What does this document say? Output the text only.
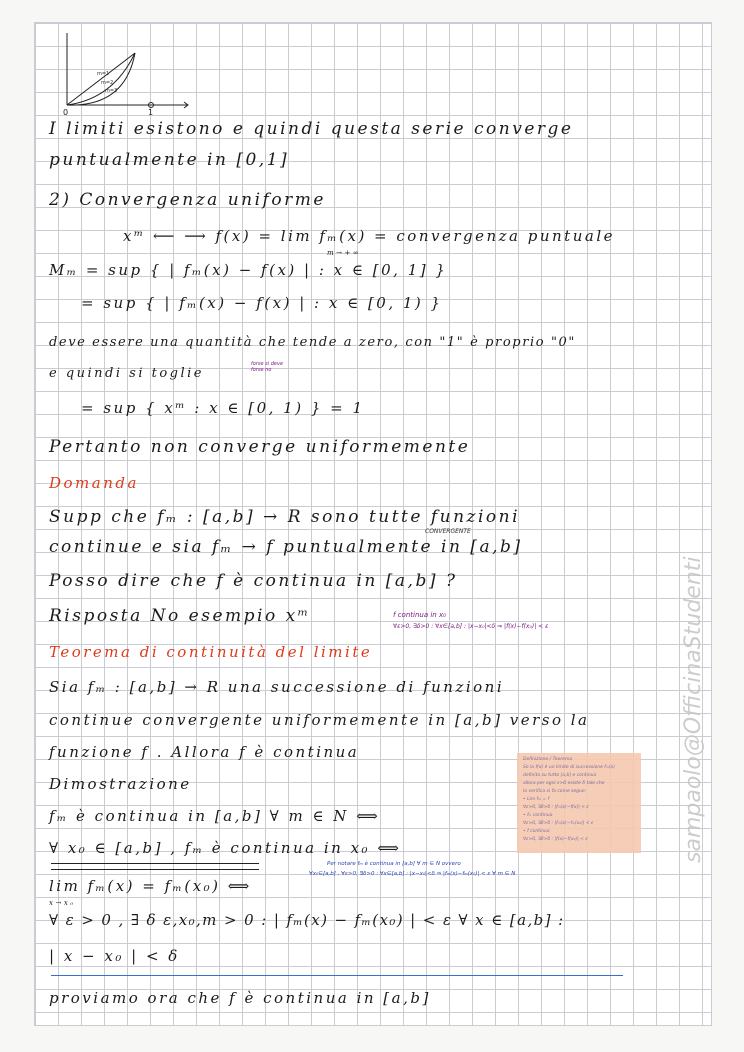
0	1
m=1
m=2
m=3
I limiti esistono e quindi questa serie converge
puntualmente in [0,1]
2) Convergenza uniforme
xᵐ ⟵ ⟶ f(x) = lim fₘ(x) = convergenza puntuale
m→+∞
Mₘ = sup { | fₘ(x) − f(x) | : x ∈ [0, 1] }
= sup { | fₘ(x) − f(x) | : x ∈ [0, 1) }
deve essere una quantità che tende a zero, con "1" è proprio "0"
e quindi si toglie
forse si deve
forse no
= sup { xᵐ : x ∈ [0, 1) } = 1
Pertanto non converge uniformemente
Domanda
Supp che fₘ : [a,b] → R sono tutte funzioni
CONVERGENTE
continue e sia fₘ → f puntualmente in [a,b]
Posso dire che f è continua in [a,b] ?
Risposta No esempio xᵐ	f continua in x₀
∀ε>0, ∃δ>0 : ∀x∈[a,b] : |x−x₀|<δ ⇒ |f(x)−f(x₀)| < ε
Teorema di continuità del limite
Sia fₘ : [a,b] → R una successione di funzioni
continue convergente uniformemente in [a,b] verso la
funzione f . Allora f è continua
Dimostrazione
fₘ è continua in [a,b] ∀ m ∈ N ⟺
∀ x₀ ∈ [a,b] , fₘ è continua in x₀ ⟺
Per notare fₘ è continua in [a,b] ∀ m ∈ N ovvero
∀x₀∈[a,b] , ∀ε>0, ∃δ>0 : ∀x∈[a,b] : |x−x₀|<δ ⇒ |fₘ(x)−fₘ(x₀)| < ε ∀ m ∈ N
lim fₘ(x) = fₘ(x₀) ⟺
x→x₀
∀ ε > 0 , ∃ δ ε,x₀,m > 0 : | fₘ(x) − fₘ(x₀) | < ε ∀ x ∈ [a,b] :
| x − x₀ | < δ
proviamo ora che f è continua in [a,b]

Definizione / Teorema

Se la f(x) è un limite di successione fₘ(x)

definita su tutto [a,b] e continua

allora per ogni ε>0 esiste δ tale che

la verifica si fa come segue:

• Lim fₘ = f

∀ε>0, ∃δ>0 : |fₘ(x)−f(x)| < ε

• fₘ continua

∀ε>0, ∃δ>0 : |fₘ(x)−fₘ(x₀)| < ε

• f continua

∀ε>0, ∃δ>0 : |f(x)−f(x₀)| < ε	sampaolo@OfficinaStudenti
